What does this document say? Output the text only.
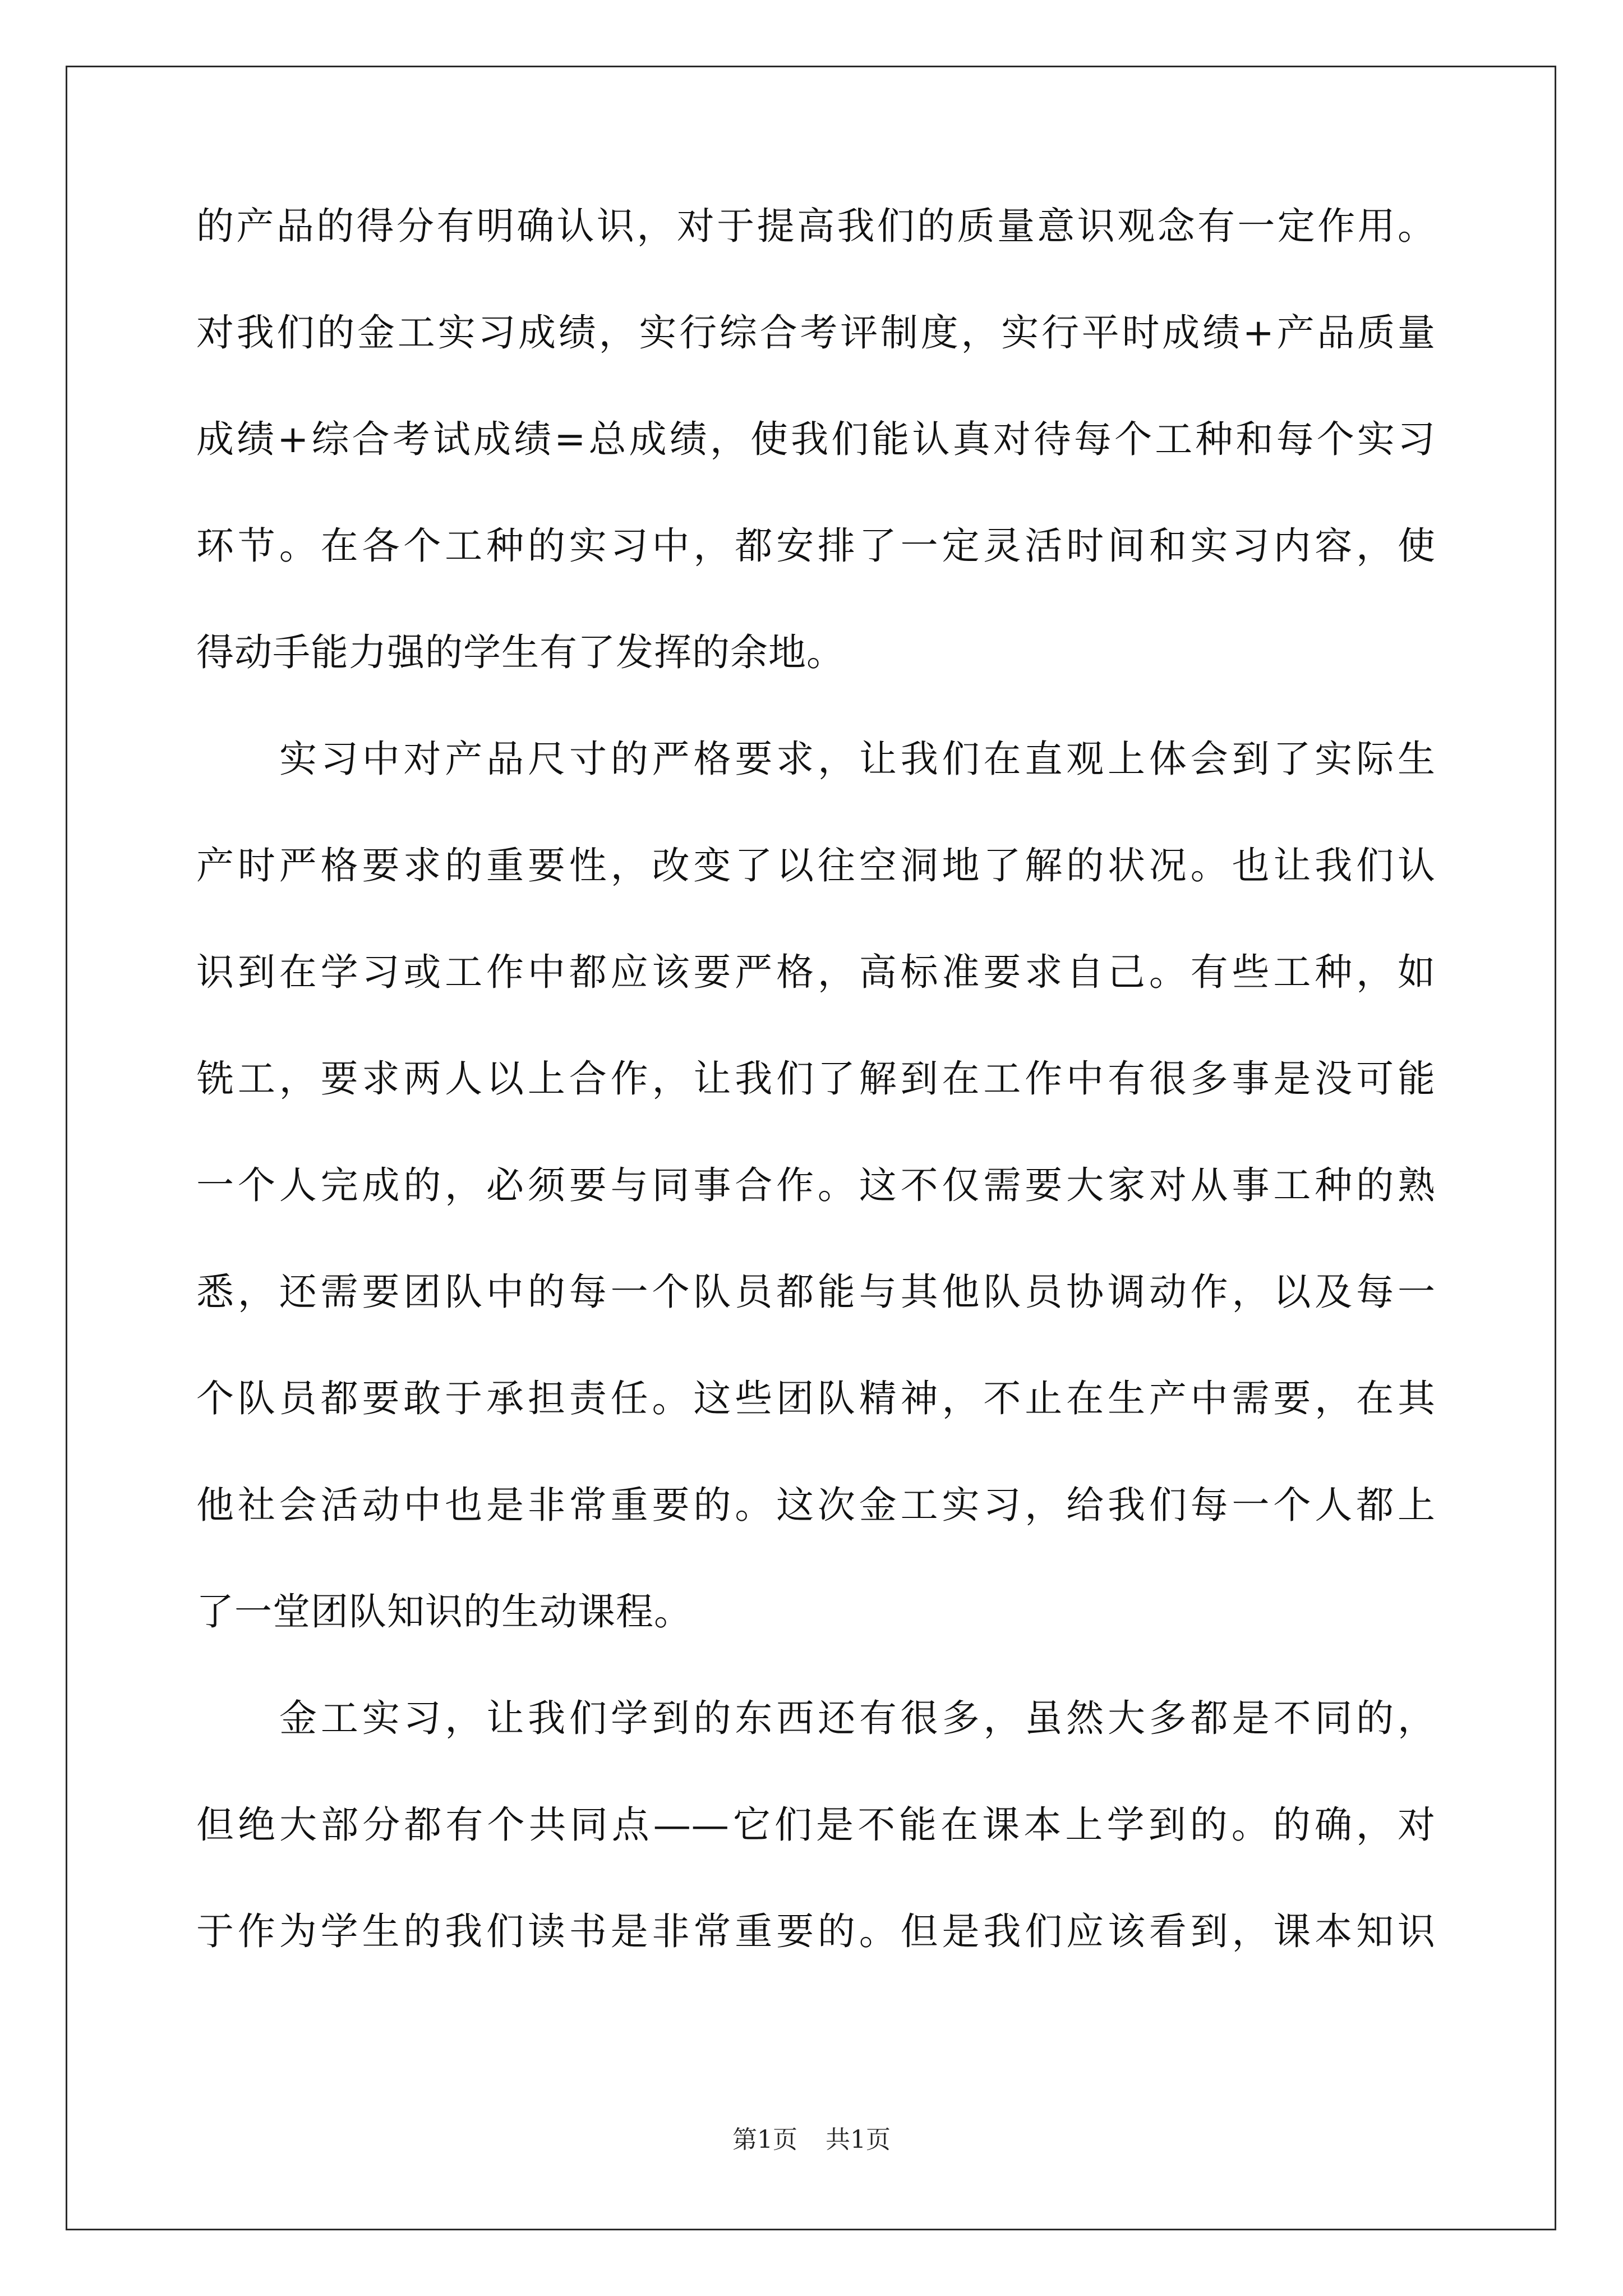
的产品的得分有明确认识，对于提高我们的质量意识观念有一定作用。
对我们的金工实习成绩，实行综合考评制度，实行平时成绩+产品质量
成绩+综合考试成绩=总成绩，使我们能认真对待每个工种和每个实习
环节。在各个工种的实习中，都安排了一定灵活时间和实习内容，使
得动手能力强的学生有了发挥的余地。
实习中对产品尺寸的严格要求，让我们在直观上体会到了实际生
产时严格要求的重要性，改变了以往空洞地了解的状况。也让我们认
识到在学习或工作中都应该要严格，高标准要求自己。有些工种，如
铣工，要求两人以上合作，让我们了解到在工作中有很多事是没可能
一个人完成的，必须要与同事合作。这不仅需要大家对从事工种的熟
悉，还需要团队中的每一个队员都能与其他队员协调动作，以及每一
个队员都要敢于承担责任。这些团队精神，不止在生产中需要，在其
他社会活动中也是非常重要的。这次金工实习，给我们每一个人都上
了一堂团队知识的生动课程。
金工实习，让我们学到的东西还有很多，虽然大多都是不同的，
但绝大部分都有个共同点——它们是不能在课本上学到的。的确，对
于作为学生的我们读书是非常重要的。但是我们应该看到，课本知识
第1页 共1页
